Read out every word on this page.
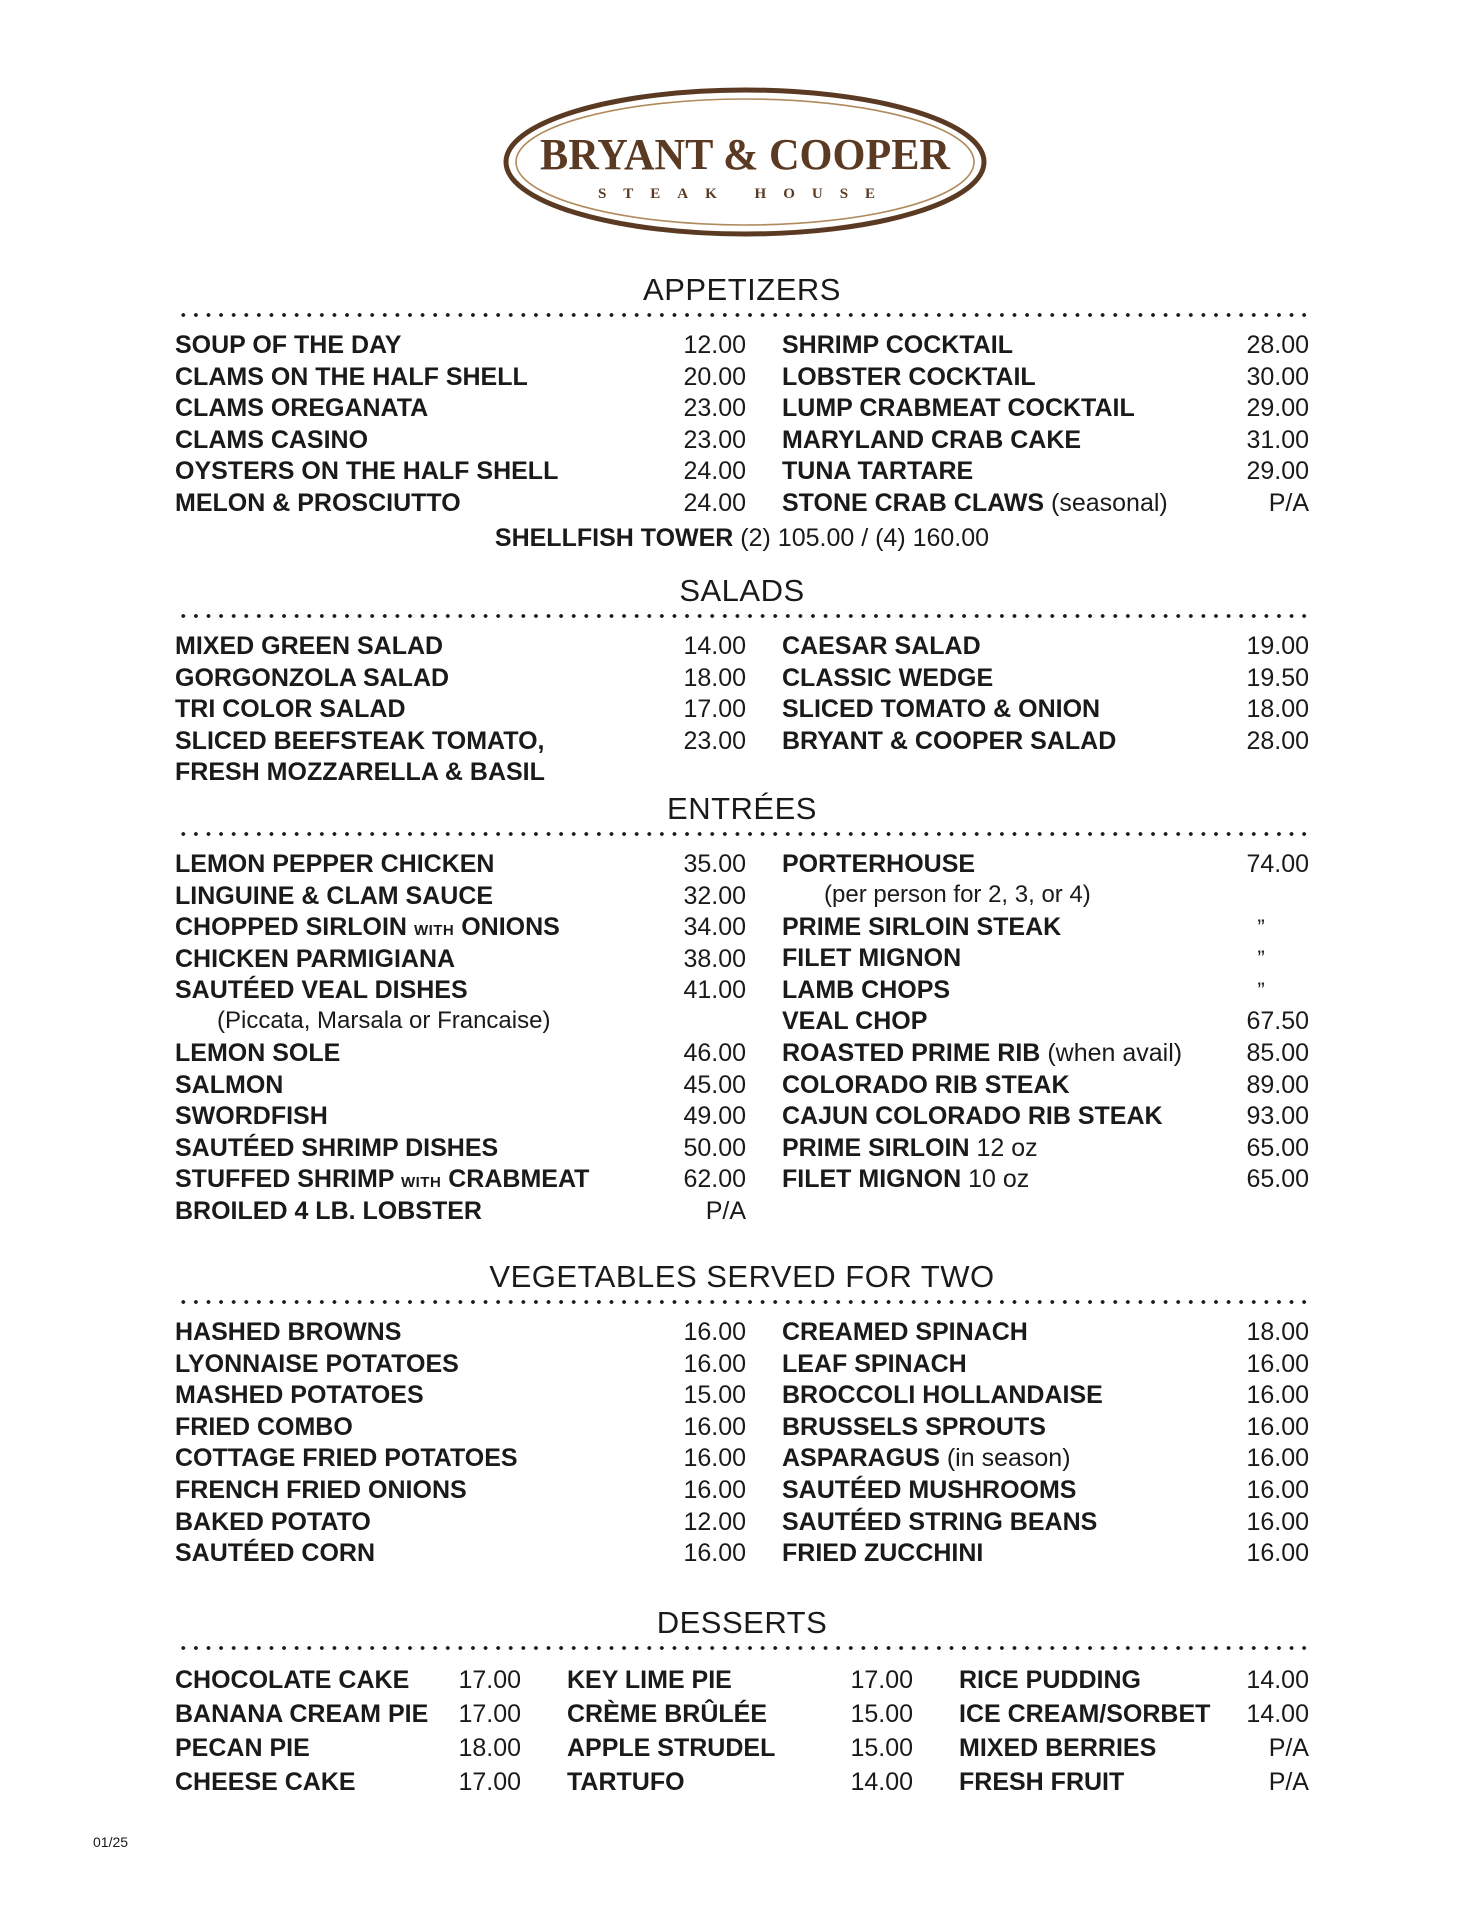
BRYANT & COOPER
STEAK HOUSE
APPETIZERS
SOUP OF THE DAY	12.00
CLAMS ON THE HALF SHELL	20.00
CLAMS OREGANATA	23.00
CLAMS CASINO	23.00
OYSTERS ON THE HALF SHELL	24.00
MELON & PROSCIUTTO	24.00
SHRIMP COCKTAIL	28.00
LOBSTER COCKTAIL	30.00
LUMP CRABMEAT COCKTAIL	29.00
MARYLAND CRAB CAKE	31.00
TUNA TARTARE	29.00
STONE CRAB CLAWS (seasonal)	P/A
SHELLFISH TOWER (2) 105.00 / (4) 160.00
SALADS
MIXED GREEN SALAD	14.00
GORGONZOLA SALAD	18.00
TRI COLOR SALAD	17.00
SLICED BEEFSTEAK TOMATO,	23.00
FRESH MOZZARELLA & BASIL
CAESAR SALAD	19.00
CLASSIC WEDGE	19.50
SLICED TOMATO & ONION	18.00
BRYANT & COOPER SALAD	28.00
ENTRÉES
LEMON PEPPER CHICKEN	35.00
LINGUINE & CLAM SAUCE	32.00
CHOPPED SIRLOIN WITH ONIONS	34.00
CHICKEN PARMIGIANA	38.00
SAUTÉED VEAL DISHES	41.00
(Piccata, Marsala or Francaise)
LEMON SOLE	46.00
SALMON	45.00
SWORDFISH	49.00
SAUTÉED SHRIMP DISHES	50.00
STUFFED SHRIMP WITH CRABMEAT	62.00
BROILED 4 LB. LOBSTER	P/A
PORTERHOUSE	74.00
(per person for 2, 3, or 4)
PRIME SIRLOIN STEAK	”
FILET MIGNON	”
LAMB CHOPS	”
VEAL CHOP	67.50
ROASTED PRIME RIB (when avail)	85.00
COLORADO RIB STEAK	89.00
CAJUN COLORADO RIB STEAK	93.00
PRIME SIRLOIN 12 oz	65.00
FILET MIGNON 10 oz	65.00
VEGETABLES SERVED FOR TWO
HASHED BROWNS	16.00
LYONNAISE POTATOES	16.00
MASHED POTATOES	15.00
FRIED COMBO	16.00
COTTAGE FRIED POTATOES	16.00
FRENCH FRIED ONIONS	16.00
BAKED POTATO	12.00
SAUTÉED CORN	16.00
CREAMED SPINACH	18.00
LEAF SPINACH	16.00
BROCCOLI HOLLANDAISE	16.00
BRUSSELS SPROUTS	16.00
ASPARAGUS (in season)	16.00
SAUTÉED MUSHROOMS	16.00
SAUTÉED STRING BEANS	16.00
FRIED ZUCCHINI	16.00
DESSERTS
CHOCOLATE CAKE 17.00
BANANA CREAM PIE 17.00
PECAN PIE	18.00
CHEESE CAKE	17.00
KEY LIME PIE	17.00
CRÈME BRÛLÉE	15.00
APPLE STRUDEL	15.00
TARTUFO	14.00
RICE PUDDING	14.00
ICE CREAM/SORBET 14.00
MIXED BERRIES	P/A
FRESH FRUIT	P/A
01/25
